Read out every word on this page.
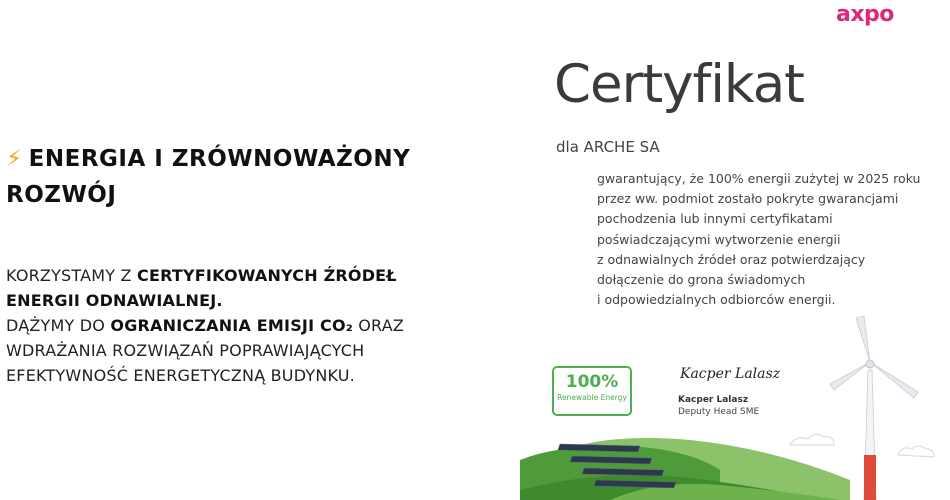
⚡ ENERGIA I ZRÓWNOWAŻONY
ROZWÓJ
KORZYSTAMY Z CERTYFIKOWANYCH ŹRÓDEŁ
ENERGII ODNAWIALNEJ.
DĄŻYMY DO OGRANICZANIA EMISJI CO₂ ORAZ
WDRAŻANIA ROZWIĄZAŃ POPRAWIAJĄCYCH
EFEKTYWNOŚĆ ENERGETYCZNĄ BUDYNKU.
axpo
Certyfikat
dla ARCHE SA
gwarantujący, że 100% energii zużytej w 2025 roku
przez ww. podmiot zostało pokryte gwarancjami
pochodzenia lub innymi certyfikatami
poświadczającymi wytworzenie energii
z odnawialnych źródeł oraz potwierdzający
dołączenie do grona świadomych
i odpowiedzialnych odbiorców energii.
100%
Renewable Energy
Kacper Lalasz
Kacper Lalasz
Deputy Head SME
